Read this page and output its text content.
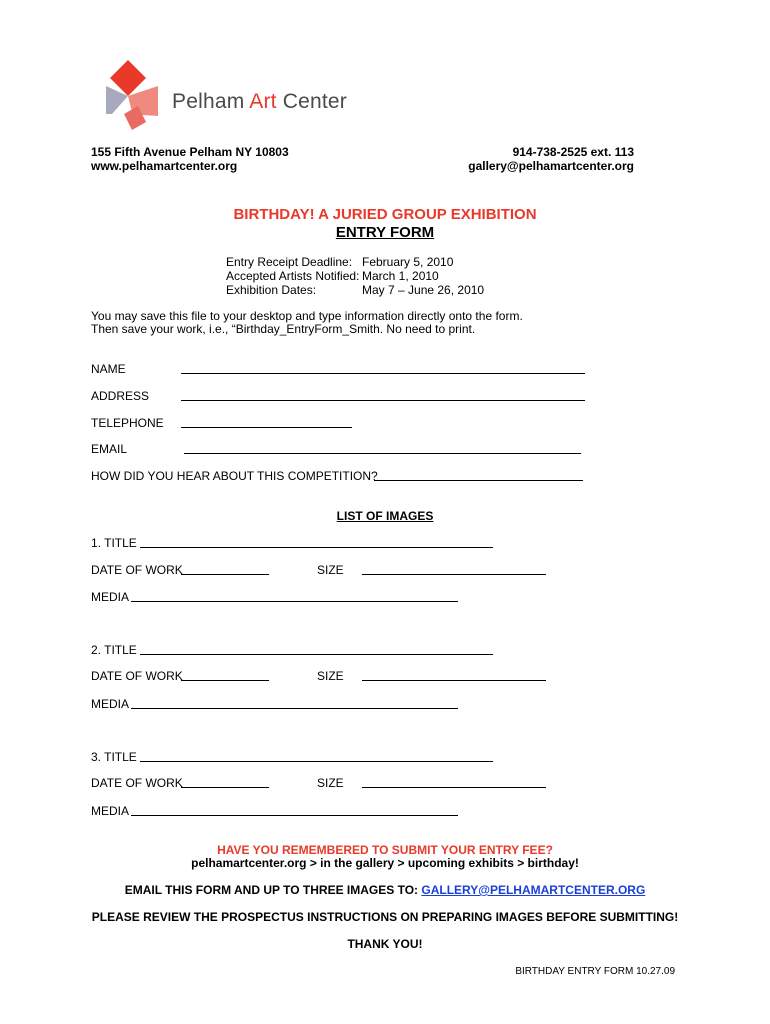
Pelham Art Center
155 Fifth Avenue Pelham NY 10803
www.pelhamartcenter.org
914-738-2525 ext. 113
gallery@pelhamartcenter.org
BIRTHDAY! A JURIED GROUP EXHIBITION
ENTRY FORM
Entry Receipt Deadline: February 5, 2010
Accepted Artists Notified: March 1, 2010
Exhibition Dates:	May 7 – June 26, 2010
You may save this file to your desktop and type information directly onto the form.
Then save your work, i.e., “Birthday_EntryForm_Smith. No need to print.
NAME
ADDRESS
TELEPHONE
EMAIL
HOW DID YOU HEAR ABOUT THIS COMPETITION?
LIST OF IMAGES
1. TITLE
DATE OF WORK	SIZE
MEDIA
2. TITLE
DATE OF WORK	SIZE
MEDIA
3. TITLE
DATE OF WORK	SIZE
MEDIA
HAVE YOU REMEMBERED TO SUBMIT YOUR ENTRY FEE?
pelhamartcenter.org > in the gallery > upcoming exhibits > birthday!
EMAIL THIS FORM AND UP TO THREE IMAGES TO: GALLERY@PELHAMARTCENTER.ORG
PLEASE REVIEW THE PROSPECTUS INSTRUCTIONS ON PREPARING IMAGES BEFORE SUBMITTING!
THANK YOU!
BIRTHDAY ENTRY FORM 10.27.09
